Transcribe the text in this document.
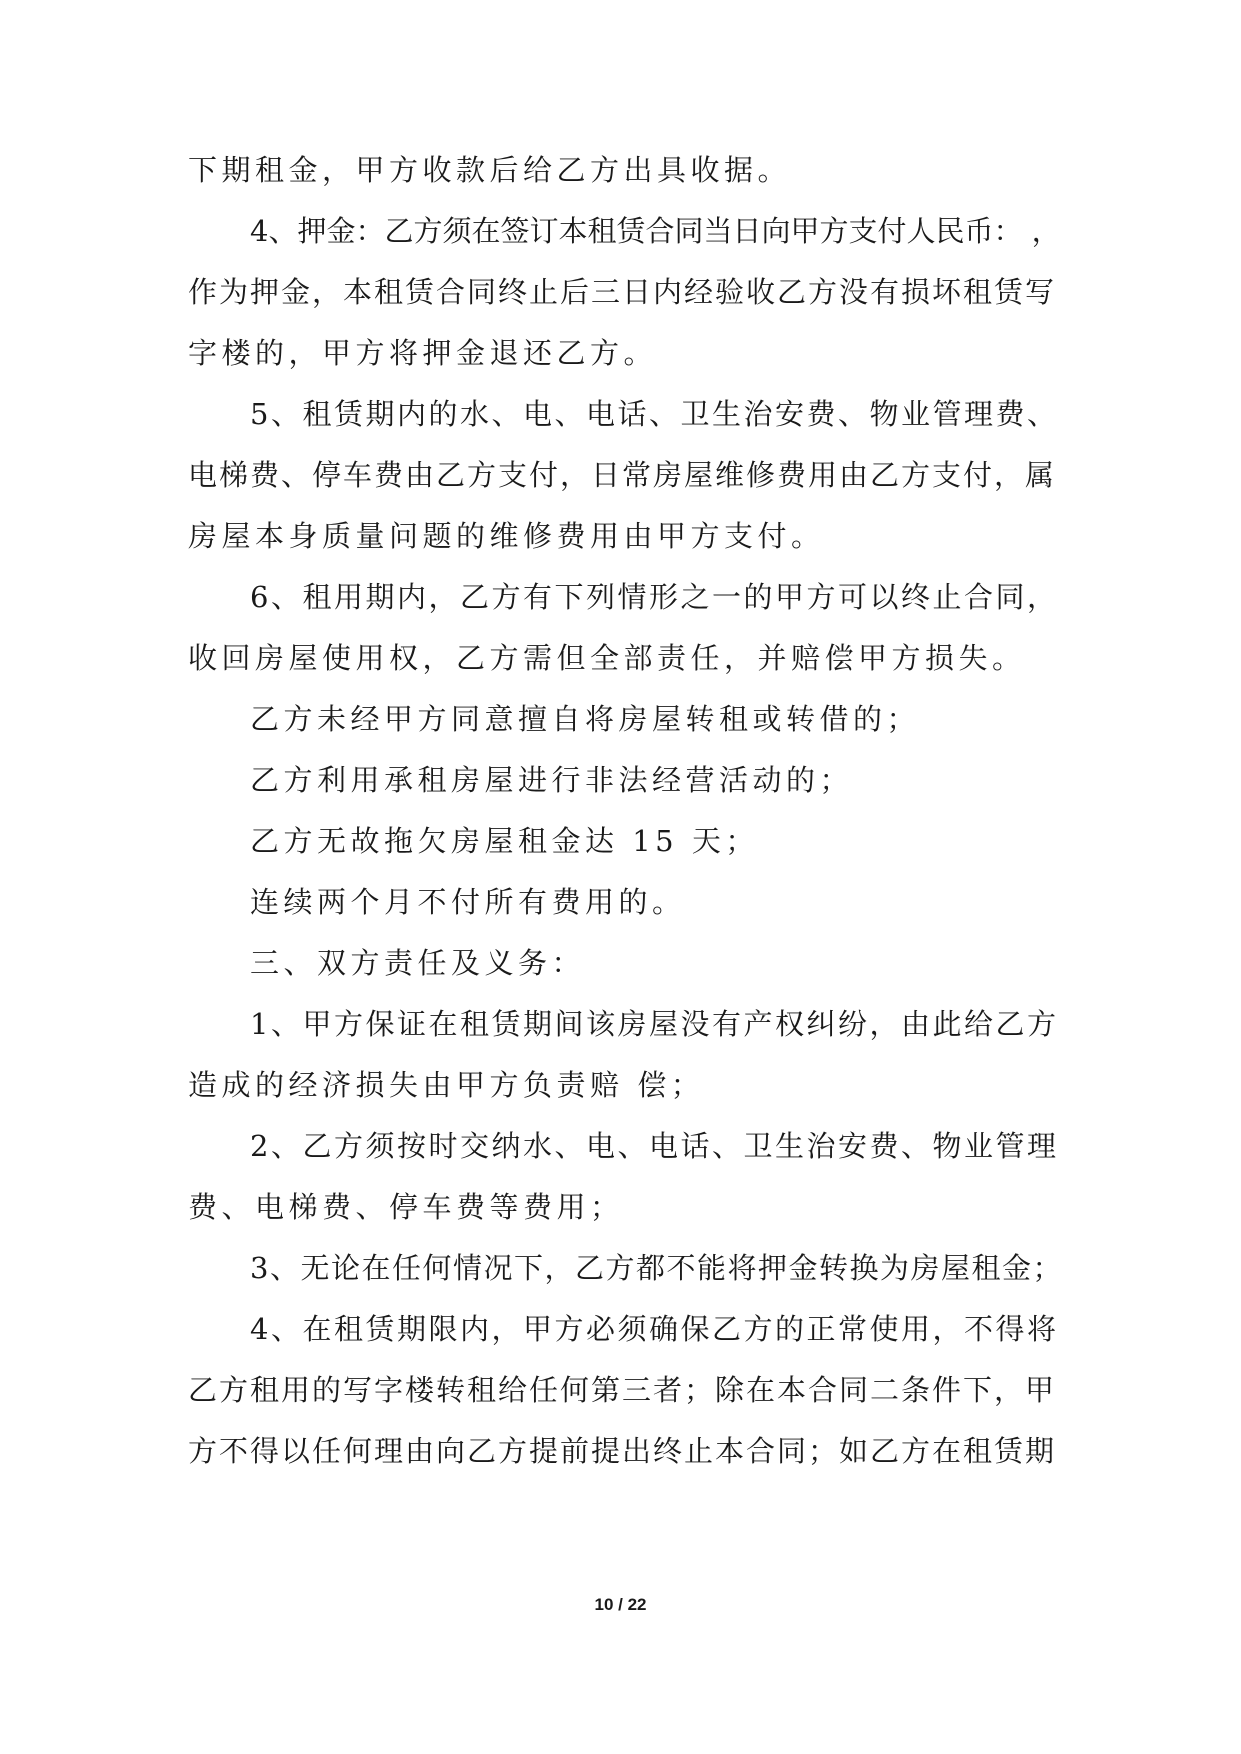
下期租金，甲方收款后给乙方出具收据。
4、押金：乙方须在签订本租赁合同当日向甲方支付人民币： ，
作为押金，本租赁合同终止后三日内经验收乙方没有损坏租赁写
字楼的，甲方将押金退还乙方。
5、租赁期内的水、电、电话、卫生治安费、物业管理费、
电梯费、停车费由乙方支付，日常房屋维修费用由乙方支付，属
房屋本身质量问题的维修费用由甲方支付。
6、租用期内，乙方有下列情形之一的甲方可以终止合同，
收回房屋使用权，乙方需但全部责任，并赔偿甲方损失。
乙方未经甲方同意擅自将房屋转租或转借的；
乙方利用承租房屋进行非法经营活动的；
乙方无故拖欠房屋租金达 15 天；
连续两个月不付所有费用的。
三、双方责任及义务：
1、甲方保证在租赁期间该房屋没有产权纠纷，由此给乙方
造成的经济损失由甲方负责赔 偿；
2、乙方须按时交纳水、电、电话、卫生治安费、物业管理
费、电梯费、停车费等费用；
3、无论在任何情况下，乙方都不能将押金转换为房屋租金；
4、在租赁期限内，甲方必须确保乙方的正常使用，不得将
乙方租用的写字楼转租给任何第三者；除在本合同二条件下，甲
方不得以任何理由向乙方提前提出终止本合同；如乙方在租赁期
10 / 22
